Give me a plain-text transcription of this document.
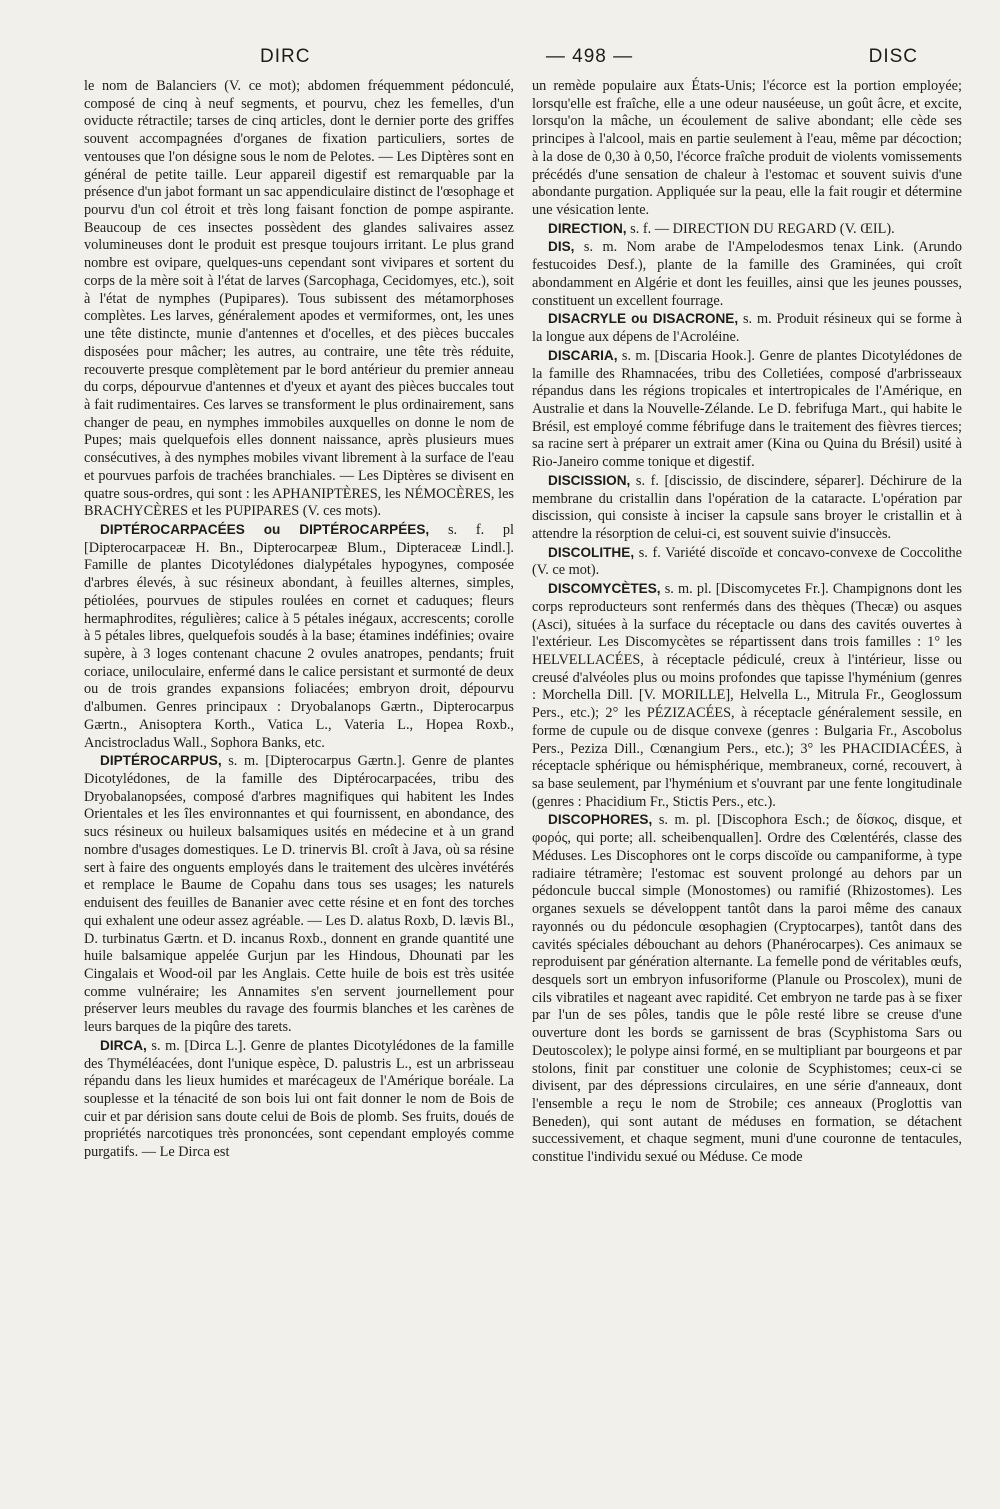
DIRC	— 498 —	DISC

le nom de Balanciers (V. ce mot); abdomen fréquemment pédonculé, composé de cinq à neuf segments, et pourvu, chez les femelles, d'un oviducte rétractile; tarses de cinq articles, dont le dernier porte des griffes souvent accompagnées d'organes de fixation particuliers, sortes de ventouses que l'on désigne sous le nom de Pelotes. — Les Diptères sont en général de petite taille. Leur appareil digestif est remarquable par la présence d'un jabot formant un sac appendiculaire distinct de l'œsophage et pourvu d'un col étroit et très long faisant fonction de pompe aspirante. Beaucoup de ces insectes possèdent des glandes salivaires assez volumineuses dont le produit est presque toujours irritant. Le plus grand nombre est ovipare, quelques-uns cependant sont vivipares et sortent du corps de la mère soit à l'état de larves (Sarcophaga, Cecidomyes, etc.), soit à l'état de nymphes (Pupipares). Tous subissent des métamorphoses complètes. Les larves, généralement apodes et vermiformes, ont, les unes une tête distincte, munie d'antennes et d'ocelles, et des pièces buccales disposées pour mâcher; les autres, au contraire, une tête très réduite, recouverte presque complètement par le bord antérieur du premier anneau du corps, dépourvue d'antennes et d'yeux et ayant des pièces buccales tout à fait rudimentaires. Ces larves se transforment le plus ordinairement, sans changer de peau, en nymphes immobiles auxquelles on donne le nom de Pupes; mais quelquefois elles donnent naissance, après plusieurs mues consécutives, à des nymphes mobiles vivant librement à la surface de l'eau et pourvues parfois de trachées branchiales. — Les Diptères se divisent en quatre sous-ordres, qui sont : les APHANIPTÈRES, les NÉMOCÈRES, les BRACHYCÈRES et les PUPIPARES (V. ces mots).

DIPTÉROCARPACÉES ou DIPTÉROCARPÉES, s. f. pl [Dipterocarpaceæ H. Bn., Dipterocarpeæ Blum., Dipteraceæ Lindl.]. Famille de plantes Dicotylédones dialypétales hypogynes, composée d'arbres élevés, à suc résineux abondant, à feuilles alternes, simples, pétiolées, pourvues de stipules roulées en cornet et caduques; fleurs hermaphrodites, régulières; calice à 5 pétales inégaux, accrescents; corolle à 5 pétales libres, quelquefois soudés à la base; étamines indéfinies; ovaire supère, à 3 loges contenant chacune 2 ovules anatropes, pendants; fruit coriace, uniloculaire, enfermé dans le calice persistant et surmonté de deux ou de trois grandes expansions foliacées; embryon droit, dépourvu d'albumen. Genres principaux : Dryobalanops Gærtn., Dipterocarpus Gærtn., Anisoptera Korth., Vatica L., Vateria L., Hopea Roxb., Ancistrocladus Wall., Sophora Banks, etc.

DIPTÉROCARPUS, s. m. [Dipterocarpus Gærtn.]. Genre de plantes Dicotylédones, de la famille des Diptérocarpacées, tribu des Dryobalanopsées, composé d'arbres magnifiques qui habitent les Indes Orientales et les îles environnantes et qui fournissent, en abondance, des sucs résineux ou huileux balsamiques usités en médecine et à un grand nombre d'usages domestiques. Le D. trinervis Bl. croît à Java, où sa résine sert à faire des onguents employés dans le traitement des ulcères invétérés et remplace le Baume de Copahu dans tous ses usages; les naturels enduisent des feuilles de Bananier avec cette résine et en font des torches qui exhalent une odeur assez agréable. — Les D. alatus Roxb, D. lævis Bl., D. turbinatus Gærtn. et D. incanus Roxb., donnent en grande quantité une huile balsamique appelée Gurjun par les Hindous, Dhounati par les Cingalais et Wood-oil par les Anglais. Cette huile de bois est très usitée comme vulnéraire; les Annamites s'en servent journellement pour préserver leurs meubles du ravage des fourmis blanches et les carènes de leurs barques de la piqûre des tarets.

DIRCA, s. m. [Dirca L.]. Genre de plantes Dicotylédones de la famille des Thyméléacées, dont l'unique espèce, D. palustris L., est un arbrisseau répandu dans les lieux humides et marécageux de l'Amérique boréale. La souplesse et la ténacité de son bois lui ont fait donner le nom de Bois de cuir et par dérision sans doute celui de Bois de plomb. Ses fruits, doués de propriétés narcotiques très prononcées, sont cependant employés comme purgatifs. — Le Dirca est

un remède populaire aux États-Unis; l'écorce est la portion employée; lorsqu'elle est fraîche, elle a une odeur nauséeuse, un goût âcre, et excite, lorsqu'on la mâche, un écoulement de salive abondant; elle cède ses principes à l'alcool, mais en partie seulement à l'eau, même par décoction; à la dose de 0,30 à 0,50, l'écorce fraîche produit de violents vomissements précédés d'une sensation de chaleur à l'estomac et souvent suivis d'une abondante purgation. Appliquée sur la peau, elle la fait rougir et détermine une vésication lente.

DIRECTION, s. f. — DIRECTION DU REGARD (V. ŒIL).

DIS, s. m. Nom arabe de l'Ampelodesmos tenax Link. (Arundo festucoides Desf.), plante de la famille des Graminées, qui croît abondamment en Algérie et dont les feuilles, ainsi que les jeunes pousses, constituent un excellent fourrage.

DISACRYLE ou DISACRONE, s. m. Produit résineux qui se forme à la longue aux dépens de l'Acroléine.

DISCARIA, s. m. [Discaria Hook.]. Genre de plantes Dicotylédones de la famille des Rhamnacées, tribu des Colletiées, composé d'arbrisseaux répandus dans les régions tropicales et intertropicales de l'Amérique, en Australie et dans la Nouvelle-Zélande. Le D. febrifuga Mart., qui habite le Brésil, est employé comme fébrifuge dans le traitement des fièvres tierces; sa racine sert à préparer un extrait amer (Kina ou Quina du Brésil) usité à Rio-Janeiro comme tonique et digestif.

DISCISSION, s. f. [discissio, de discindere, séparer]. Déchirure de la membrane du cristallin dans l'opération de la cataracte. L'opération par discission, qui consiste à inciser la capsule sans broyer le cristallin et à attendre la résorption de celui-ci, est souvent suivie d'insuccès.

DISCOLITHE, s. f. Variété discoïde et concavo-convexe de Coccolithe (V. ce mot).

DISCOMYCÈTES, s. m. pl. [Discomycetes Fr.]. Champignons dont les corps reproducteurs sont renfermés dans des thèques (Thecæ) ou asques (Asci), situées à la surface du réceptacle ou dans des cavités ouvertes à l'extérieur. Les Discomycètes se répartissent dans trois familles : 1° les HELVELLACÉES, à réceptacle pédiculé, creux à l'intérieur, lisse ou creusé d'alvéoles plus ou moins profondes que tapisse l'hyménium (genres : Morchella Dill. [V. MORILLE], Helvella L., Mitrula Fr., Geoglossum Pers., etc.); 2° les PÉZIZACÉES, à réceptacle généralement sessile, en forme de cupule ou de disque convexe (genres : Bulgaria Fr., Ascobolus Pers., Peziza Dill., Cœnangium Pers., etc.); 3° les PHACIDIACÉES, à réceptacle sphérique ou hémisphérique, membraneux, corné, recouvert, à sa base seulement, par l'hyménium et s'ouvrant par une fente longitudinale (genres : Phacidium Fr., Stictis Pers., etc.).

DISCOPHORES, s. m. pl. [Discophora Esch.; de δίσκος, disque, et φορός, qui porte; all. scheibenquallen]. Ordre des Cœlentérés, classe des Méduses. Les Discophores ont le corps discoïde ou campaniforme, à type radiaire tétramère; l'estomac est souvent prolongé au dehors par un pédoncule buccal simple (Monostomes) ou ramifié (Rhizostomes). Les organes sexuels se développent tantôt dans la paroi même des canaux rayonnés ou du pédoncule œsophagien (Cryptocarpes), tantôt dans des cavités spéciales débouchant au dehors (Phanérocarpes). Ces animaux se reproduisent par génération alternante. La femelle pond de véritables œufs, desquels sort un embryon infusoriforme (Planule ou Proscolex), muni de cils vibratiles et nageant avec rapidité. Cet embryon ne tarde pas à se fixer par l'un de ses pôles, tandis que le pôle resté libre se creuse d'une ouverture dont les bords se garnissent de bras (Scyphistoma Sars ou Deutoscolex); le polype ainsi formé, en se multipliant par bourgeons et par stolons, finit par constituer une colonie de Scyphistomes; ceux-ci se divisent, par des dépressions circulaires, en une série d'anneaux, dont l'ensemble a reçu le nom de Strobile; ces anneaux (Proglottis van Beneden), qui sont autant de méduses en formation, se détachent successivement, et chaque segment, muni d'une couronne de tentacules, constitue l'individu sexué ou Méduse. Ce mode
